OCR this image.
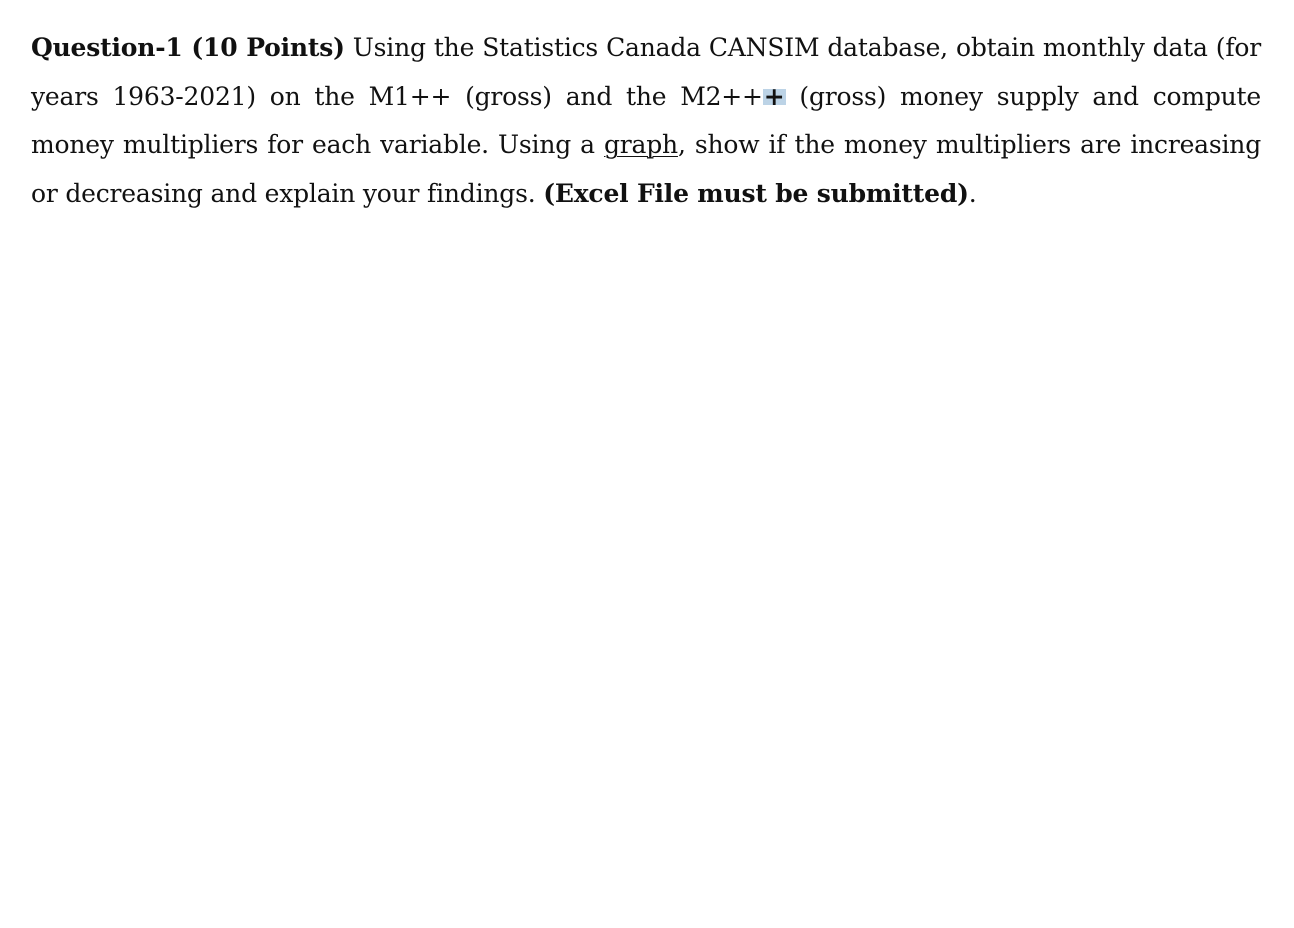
Question-1 (10 Points) Using the Statistics Canada CANSIM database, obtain monthly data (for years 1963-2021) on the M1++ (gross) and the M2+++ (gross) money supply and compute money multipliers for each variable. Using a graph, show if the money multipliers are increasing or decreasing and explain your findings. (Excel File must be submitted).
